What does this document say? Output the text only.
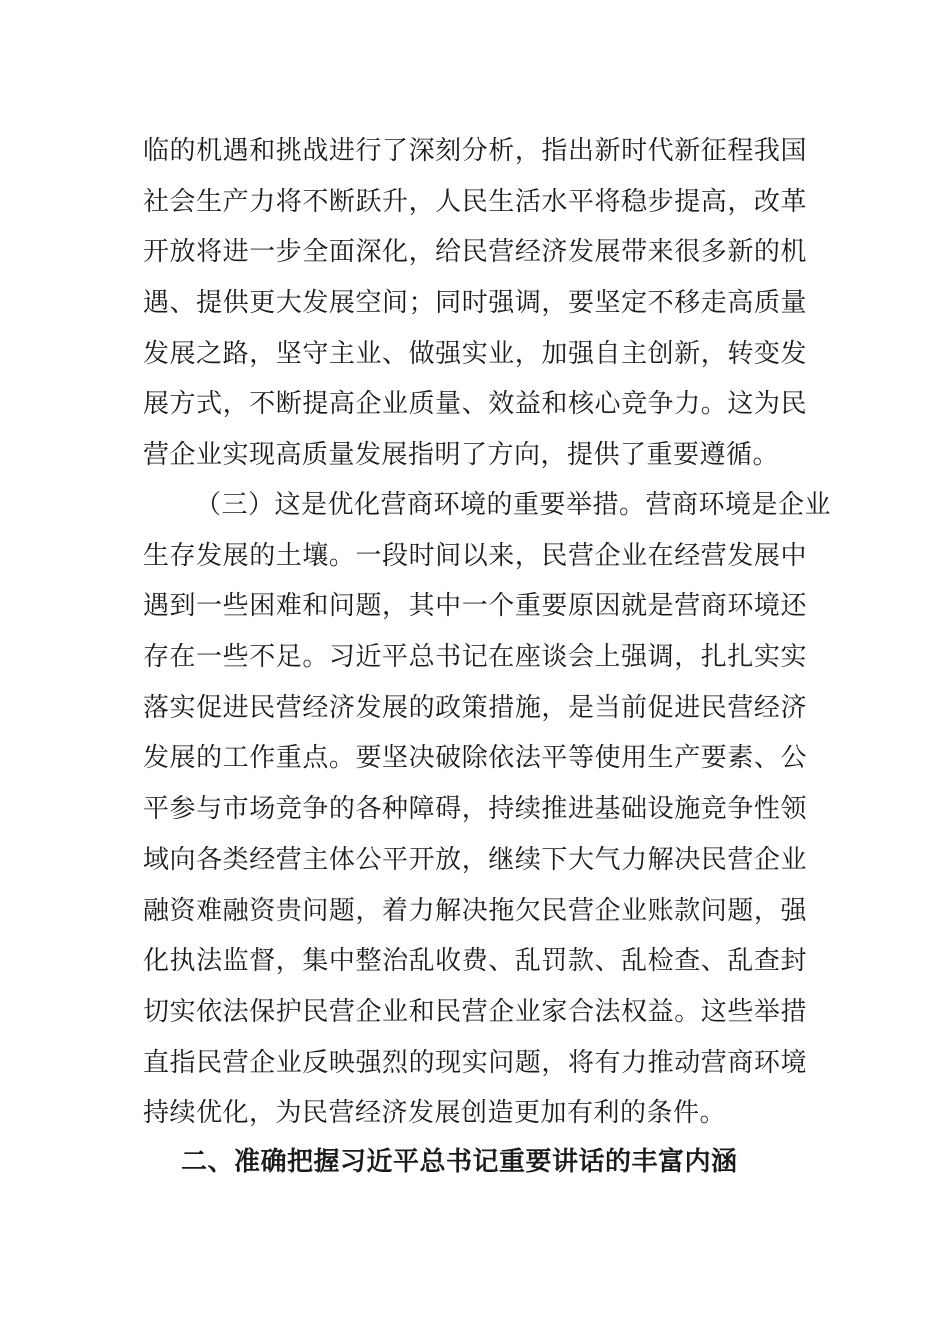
临的机遇和挑战进行了深刻分析，指出新时代新征程我国
社会生产力将不断跃升，人民生活水平将稳步提高，改革
开放将进一步全面深化，给民营经济发展带来很多新的机
遇、提供更大发展空间；同时强调，要坚定不移走高质量
发展之路，坚守主业、做强实业，加强自主创新，转变发
展方式，不断提高企业质量、效益和核心竞争力。这为民
营企业实现高质量发展指明了方向，提供了重要遵循。
（三）这是优化营商环境的重要举措。营商环境是企业
生存发展的土壤。一段时间以来，民营企业在经营发展中
遇到一些困难和问题，其中一个重要原因就是营商环境还
存在一些不足。习近平总书记在座谈会上强调，扎扎实实
落实促进民营经济发展的政策措施，是当前促进民营经济
发展的工作重点。要坚决破除依法平等使用生产要素、公
平参与市场竞争的各种障碍，持续推进基础设施竞争性领
域向各类经营主体公平开放，继续下大气力解决民营企业
融资难融资贵问题，着力解决拖欠民营企业账款问题，强
化执法监督，集中整治乱收费、乱罚款、乱检查、乱查封
切实依法保护民营企业和民营企业家合法权益。这些举措
直指民营企业反映强烈的现实问题，将有力推动营商环境
持续优化，为民营经济发展创造更加有利的条件。
二、准确把握习近平总书记重要讲话的丰富内涵
